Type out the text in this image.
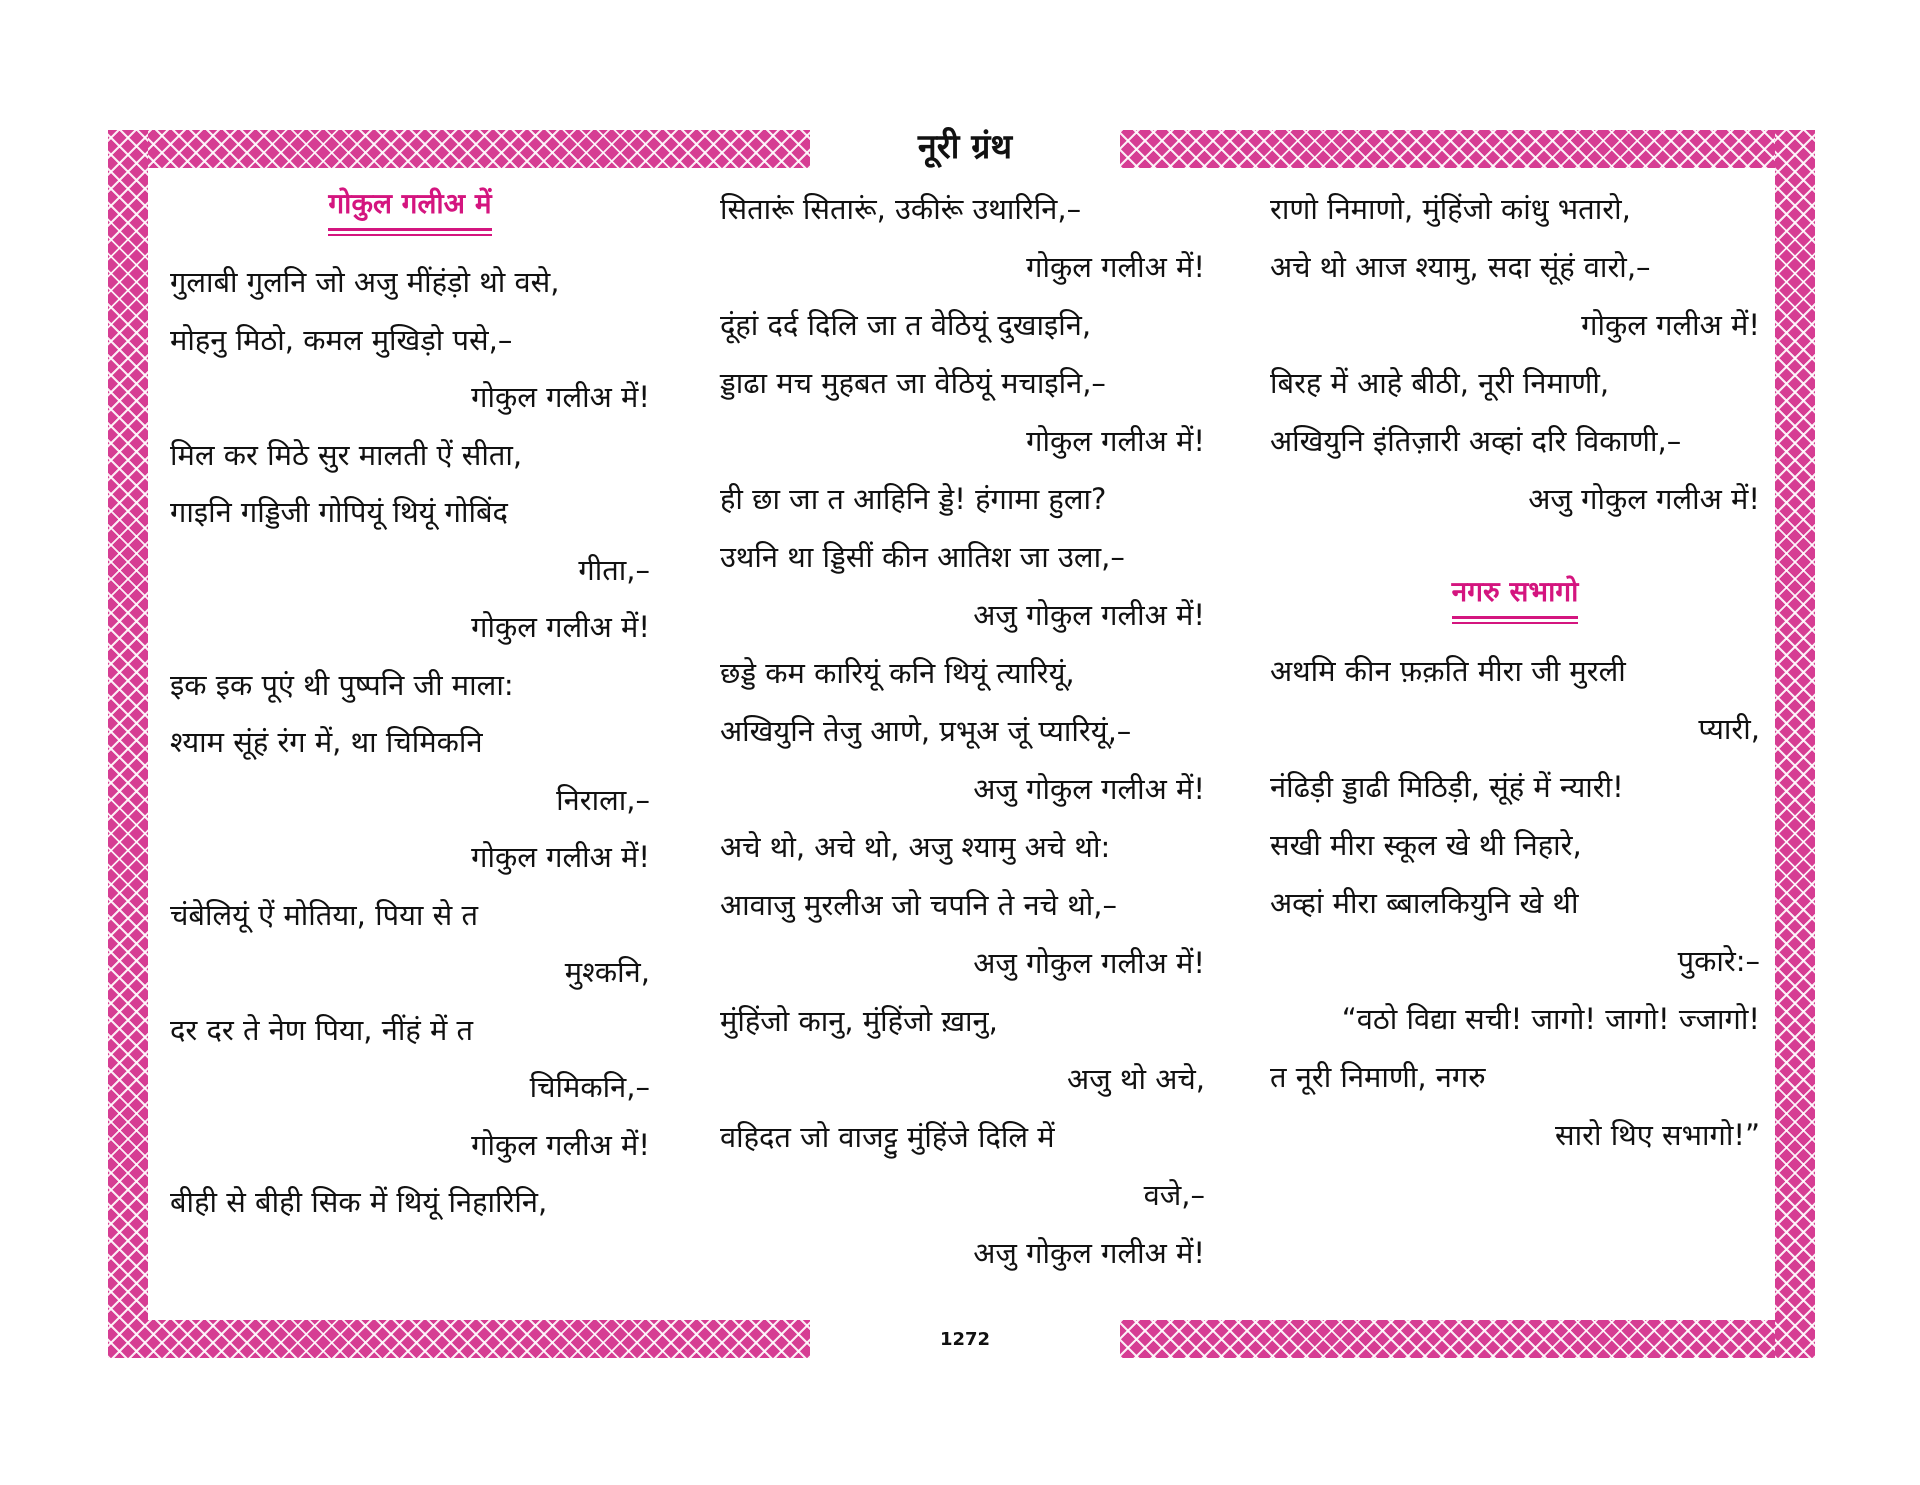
नूरी ग्रंथ
गोकुल गलीअ में
गुलाबी गुलनि जो अजु मींहंड़ो थो वसे,
मोहनु मिठो, कमल मुखिड़ो पसे,–
गोकुल गलीअ में!
मिल कर मिठे सुर मालती ऐं सीता,
गाइनि गड्डिजी गोपियूं थियूं गोबिंद
गीता,–
गोकुल गलीअ में!
इक इक पूएं थी पुष्पनि जी माला:
श्याम सूंहं रंग में, था चिमिकनि
निराला,–
गोकुल गलीअ में!
चंबेलियूं ऐं मोतिया, पिया से त
मुश्कनि,
दर दर ते नेण पिया, नींहं में त
चिमिकनि,–
गोकुल गलीअ में!
बीही से बीही सिक में थियूं निहारिनि,
सितारूं सितारूं, उकीरूं उथारिनि,–
गोकुल गलीअ में!
दूंहां दर्द दिलि जा त वेठियूं दुखाइनि,
ड्डाढा मच मुहबत जा वेठियूं मचाइनि,–
गोकुल गलीअ में!
ही छा जा त आहिनि ड्डे! हंगामा हुला?
उथनि था ड्डिसीं कीन आतिश जा उला,–
अजु गोकुल गलीअ में!
छड्डे कम कारियूं कनि थियूं त्यारियूं,
अखियुनि तेजु आणे, प्रभूअ जूं प्यारियूं,–
अजु गोकुल गलीअ में!
अचे थो, अचे थो, अजु श्यामु अचे थो:
आवाजु मुरलीअ जो चपनि ते नचे थो,–
अजु गोकुल गलीअ में!
मुंहिंजो कानु, मुंहिंजो ख़ानु,
अजु थो अचे,
वहिदत जो वाजट्टु मुंहिंजे दिलि में
वजे,–
अजु गोकुल गलीअ में!
राणो निमाणो, मुंहिंजो कांधु भतारो,
अचे थो आज श्यामु, सदा सूंहं वारो,–
गोकुल गलीअ में!
बिरह में आहे बीठी, नूरी निमाणी,
अखियुनि इंतिज़ारी अव्हां दरि विकाणी,–
अजु गोकुल गलीअ में!
नगरु सभागो
अथमि कीन फ़क़ति मीरा जी मुरली
प्यारी,
नंढिड़ी ड्डाढी मिठिड़ी, सूंहं में न्यारी!
सखी मीरा स्कूल खे थी निहारे,
अव्हां मीरा ब्बालकियुनि खे थी
पुकारे:–
“वठो विद्या सची! जागो! जागो! ज्जागो!
त नूरी निमाणी, नगरु
सारो थिए सभागो!”
1272
